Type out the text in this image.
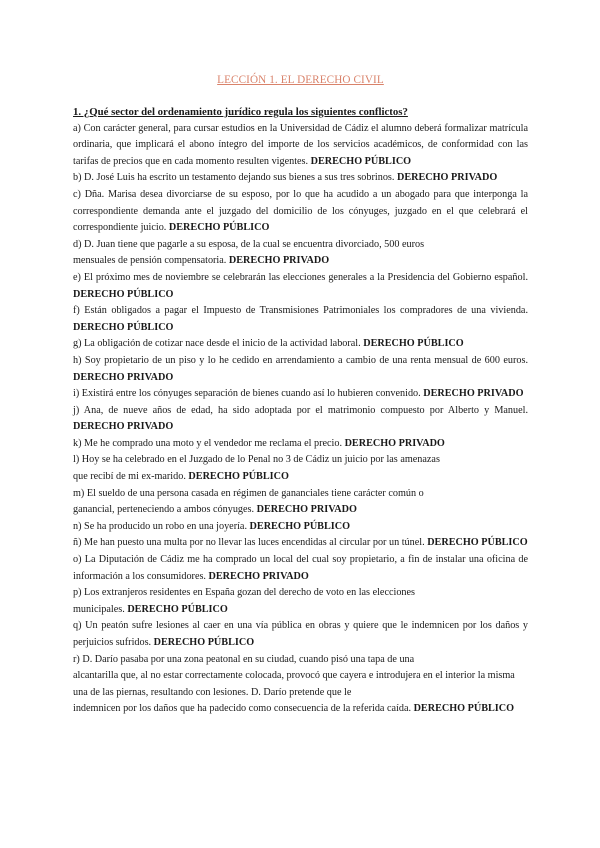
LECCIÓN 1. EL DERECHO CIVIL
1. ¿Qué sector del ordenamiento jurídico regula los siguientes conflictos?

a) Con carácter general, para cursar estudios en la Universidad de Cádiz el alumno deberá formalizar matrícula ordinaria, que implicará el abono íntegro del importe de los servicios académicos, de conformidad con las tarifas de precios que en cada momento resulten vigentes. DERECHO PÚBLICO

b) D. José Luis ha escrito un testamento dejando sus bienes a sus tres sobrinos. DERECHO PRIVADO

c) Dña. Marisa desea divorciarse de su esposo, por lo que ha acudido a un abogado para que interponga la correspondiente demanda ante el juzgado del domicilio de los cónyuges, juzgado en el que celebrará el correspondiente juicio. DERECHO PÚBLICO

d) D. Juan tiene que pagarle a su esposa, de la cual se encuentra divorciado, 500 euros
mensuales de pensión compensatoria. DERECHO PRIVADO

e) El próximo mes de noviembre se celebrarán las elecciones generales a la Presidencia del Gobierno español. DERECHO PÚBLICO

f) Están obligados a pagar el Impuesto de Transmisiones Patrimoniales los compradores de una vivienda. DERECHO PÚBLICO

g) La obligación de cotizar nace desde el inicio de la actividad laboral. DERECHO PÚBLICO

h) Soy propietario de un piso y lo he cedido en arrendamiento a cambio de una renta mensual de 600 euros. DERECHO PRIVADO

i) Existirá entre los cónyuges separación de bienes cuando así lo hubieren convenido. DERECHO PRIVADO

j) Ana, de nueve años de edad, ha sido adoptada por el matrimonio compuesto por Alberto y Manuel. DERECHO PRIVADO

k) Me he comprado una moto y el vendedor me reclama el precio. DERECHO PRIVADO

l) Hoy se ha celebrado en el Juzgado de lo Penal no 3 de Cádiz un juicio por las amenazas
que recibí de mi ex-marido. DERECHO PÚBLICO

m) El sueldo de una persona casada en régimen de gananciales tiene carácter común o
ganancial, perteneciendo a ambos cónyuges. DERECHO PRIVADO

n) Se ha producido un robo en una joyería. DERECHO PÚBLICO

ñ) Me han puesto una multa por no llevar las luces encendidas al circular por un túnel. DERECHO PÚBLICO

o) La Diputación de Cádiz me ha comprado un local del cual soy propietario, a fin de instalar una oficina de información a los consumidores. DERECHO PRIVADO

p) Los extranjeros residentes en España gozan del derecho de voto en las elecciones
municipales. DERECHO PÚBLICO

q) Un peatón sufre lesiones al caer en una vía pública en obras y quiere que le indemnicen por los daños y perjuicios sufridos. DERECHO PÚBLICO

r) D. Darío pasaba por una zona peatonal en su ciudad, cuando pisó una tapa de una
alcantarilla que, al no estar correctamente colocada, provocó que cayera e introdujera en el interior la misma
una de las piernas, resultando con lesiones. D. Darío pretende que le
indemnicen por los daños que ha padecido como consecuencia de la referida caída. DERECHO PÚBLICO
